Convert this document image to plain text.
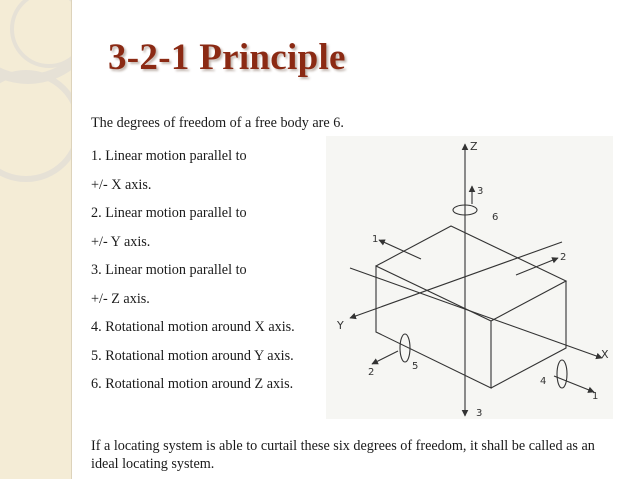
3-2-1 Principle
The degrees of freedom of a free body are 6.
1. Linear motion parallel to
+/- X axis.
2. Linear motion parallel to
+/- Y axis.
3. Linear motion parallel to
+/- Z axis.
4. Rotational motion around X axis.
5. Rotational motion around Y axis.
6. Rotational motion around Z axis.
Z
Y
X
3
1
2
3
6
5
2
4
1
If a locating system is able to curtail these six degrees of freedom, it shall be called as an ideal locating system.
